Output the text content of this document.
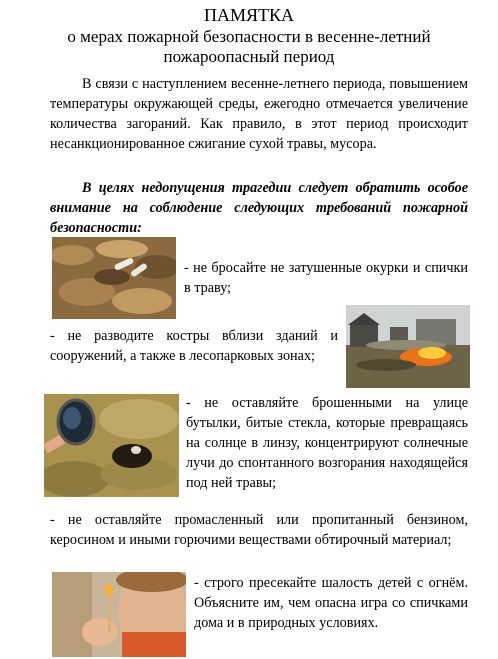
ПАМЯТКА
о мерах пожарной безопасности в весенне-летний
пожароопасный период
В связи с наступлением весенне-летнего периода, повышением температуры окружающей среды, ежегодно отмечается увеличение количества загораний. Как правило, в этот период происходит несанкционированное сжигание сухой травы, мусора.
В целях недопущения трагедии следует обратить особое внимание на соблюдение следующих требований пожарной безопасности:
- не бросайте не затушенные окурки и спички в траву;
- не разводите костры вблизи зданий и сооружений, а также в лесопарковых зонах;
- не оставляйте брошенными на улице бутылки, битые стекла, которые превращаясь на солнце в линзу, концентрируют солнечные лучи до спонтанного возгорания находящейся под ней травы;
- не оставляйте промасленный или пропитанный бензином, керосином и иными горючими веществами обтирочный материал;
- строго пресекайте шалость детей с огнём. Объясните им, чем опасна игра со спичками дома и в природных условиях.
